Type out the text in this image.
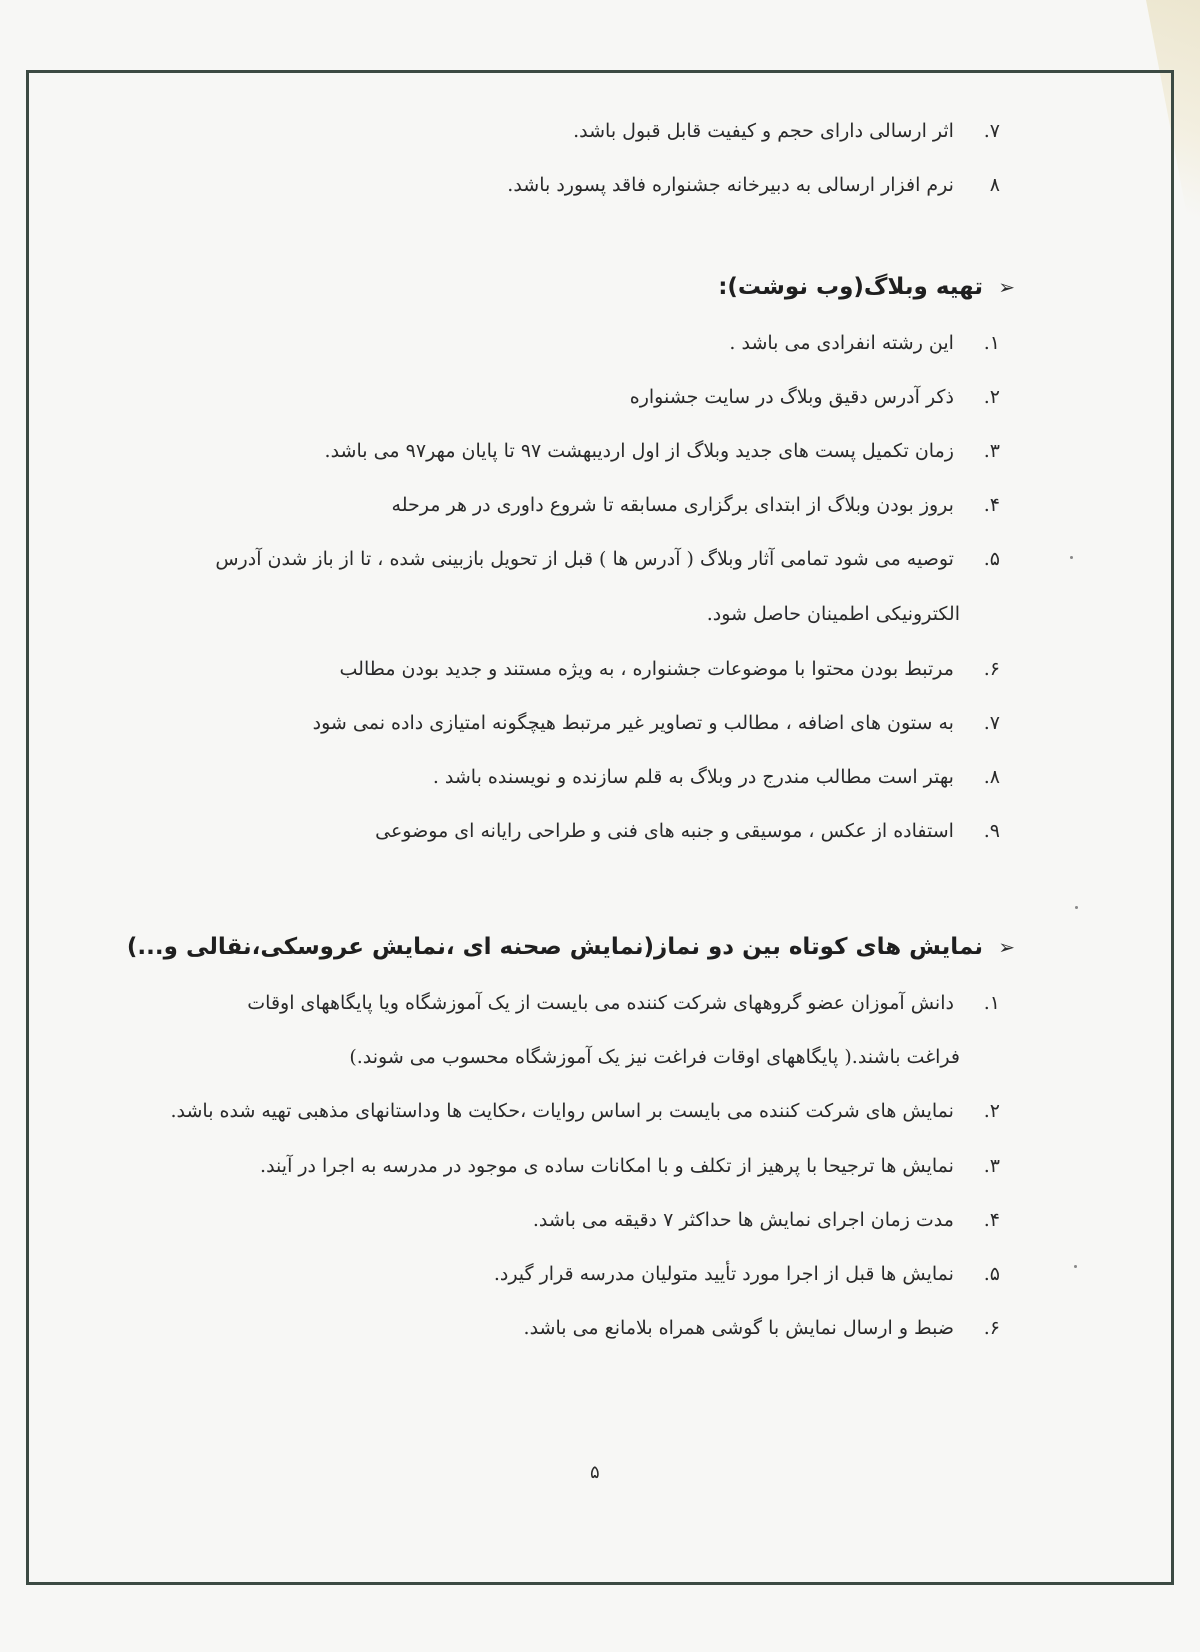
۷. اثر ارسالی دارای حجم و کیفیت قابل قبول باشد.
۸ نرم افزار ارسالی به دبیرخانه جشنواره فاقد پسورد باشد.
➢تهیه وبلاگ(وب نوشت):
۱. این رشته انفرادی می باشد .
۲. ذکر آدرس دقیق وبلاگ در سایت جشنواره
۳. زمان تکمیل پست های جدید وبلاگ از اول اردیبهشت ۹۷ تا پایان مهر۹۷ می باشد.
۴. بروز بودن وبلاگ از ابتدای برگزاری مسابقه تا شروع داوری در هر مرحله
۵. توصیه می شود تمامی آثار وبلاگ ( آدرس ها ) قبل از تحویل بازبینی شده ، تا از باز شدن آدرس
الکترونیکی اطمینان حاصل شود.
۶. مرتبط بودن محتوا با موضوعات جشنواره ، به ویژه مستند و جدید بودن مطالب
۷. به ستون های اضافه ، مطالب و تصاویر غیر مرتبط هیچگونه امتیازی داده نمی شود
۸. بهتر است مطالب مندرج در وبلاگ به قلم سازنده و نویسنده باشد .
۹. استفاده از عکس ، موسیقی و جنبه های فنی و طراحی رایانه ای موضوعی
➢نمایش های کوتاه بین دو نماز(نمایش صحنه ای ،نمایش عروسکی،نقالی و...)
۱. دانش آموزان عضو گروههای شرکت کننده می بایست از یک آموزشگاه ویا پایگاههای اوقات
فراغت باشند.( پایگاههای اوقات فراغت نیز یک آموزشگاه محسوب می شوند.)
۲. نمایش های شرکت کننده می بایست بر اساس روایات ،حکایت ها وداستانهای مذهبی تهیه شده باشد.
۳. نمایش ها ترجیحا با پرهیز از تکلف و با امکانات ساده ی موجود در مدرسه به اجرا در آیند.
۴. مدت زمان اجرای نمایش ها حداکثر ۷ دقیقه می باشد.
۵. نمایش ها قبل از اجرا مورد تأیید متولیان مدرسه قرار گیرد.
۶. ضبط و ارسال نمایش با گوشی همراه بلامانع می باشد.
۵
